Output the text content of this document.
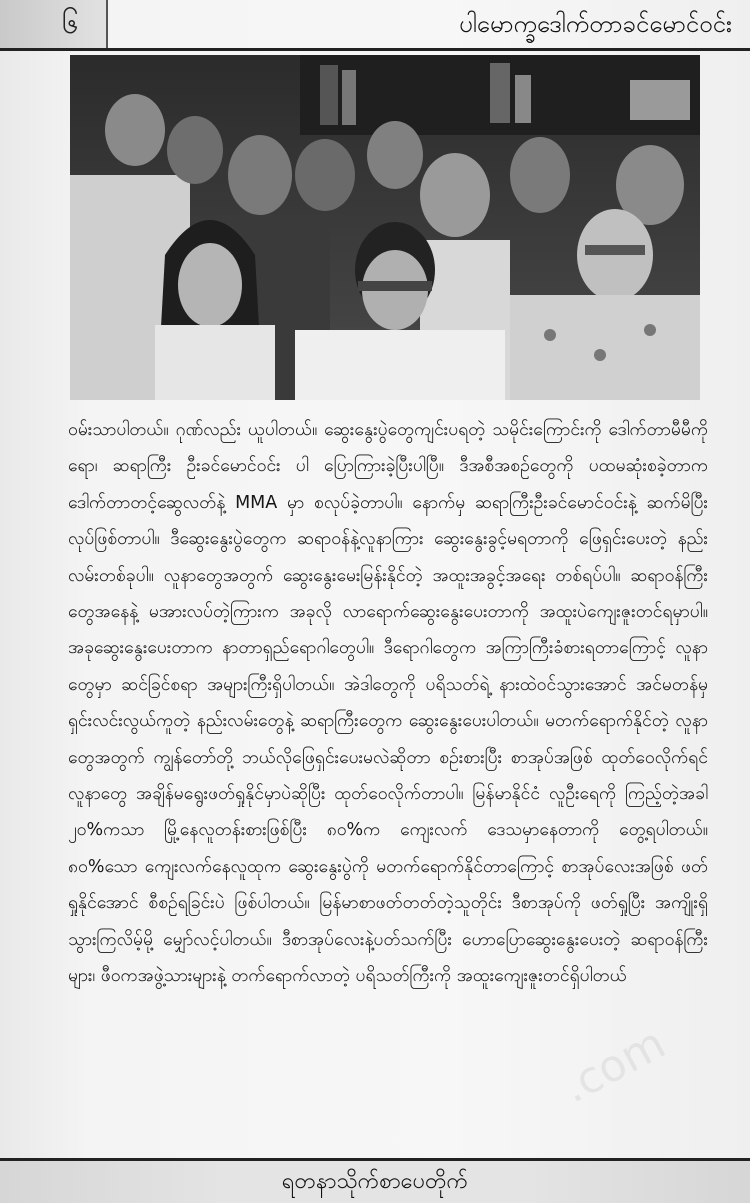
၆	ပါမောက္ခဒေါက်တာခင်မောင်ဝင်း

ဝမ်းသာပါတယ်။ ဂုဏ်လည်း ယူပါတယ်။ ဆွေးနွေးပွဲတွေကျင်းပရတဲ့ သမိုင်းကြောင်းကို ဒေါက်တာမီမီကိုရော၊ ဆရာကြီး ဦးခင်မောင်ဝင်း ပါ ပြောကြားခဲ့ပြီးပါပြီ။ ဒီအစီအစဉ်တွေကို ပထမဆုံးစခဲ့တာက ဒေါက်တာတင့်ဆွေလတ်နဲ့ MMA မှာ စလုပ်ခဲ့တာပါ။ နောက်မှ ဆရာကြီးဦးခင်မောင်ဝင်းနဲ့ ဆက်မိပြီး လုပ်ဖြစ်တာပါ။ ဒီဆွေးနွေးပွဲတွေက ဆရာဝန်နဲ့လူနာကြား ဆွေးနွေးခွင့်မရတာကို ဖြေရှင်းပေးတဲ့ နည်းလမ်းတစ်ခုပါ။ လူနာတွေအတွက် ဆွေးနွေးမေးမြန်းနိုင်တဲ့ အထူးအခွင့်အရေး တစ်ရပ်ပါ။ ဆရာဝန်ကြီးတွေအနေနဲ့ မအားလပ်တဲ့ကြားက အခုလို လာရောက်ဆွေးနွေးပေးတာကို အထူးပဲကျေးဇူးတင်ရမှာပါ။ အခုဆွေးနွေးပေးတာက နာတာရှည်ရောဂါတွေပါ။ ဒီရောဂါတွေက အကြာကြီးခံစားရတာကြောင့် လူနာတွေမှာ ဆင်ခြင်စရာ အများကြီးရှိပါတယ်။ အဲဒါတွေကို ပရိသတ်ရဲ့ နားထဲဝင်သွားအောင် အင်မတန်မှ ရှင်းလင်းလွယ်ကူတဲ့ နည်းလမ်းတွေနဲ့ ဆရာကြီးတွေက ဆွေးနွေးပေးပါတယ်။ မတက်ရောက်နိုင်တဲ့ လူနာတွေအတွက် ကျွန်တော်တို့ ဘယ်လိုဖြေရှင်းပေးမလဲဆိုတာ စဉ်းစားပြီး စာအုပ်အဖြစ် ထုတ်ဝေလိုက်ရင် လူနာတွေ အချိန်မရွေးဖတ်ရှုနိုင်မှာပဲဆိုပြီး ထုတ်ဝေလိုက်တာပါ။ မြန်မာနိုင်ငံ လူဦးရေကို ကြည့်တဲ့အခါ ၂၀%ကသာ မြို့နေလူတန်းစားဖြစ်ပြီး ၈၀%က ကျေးလက် ဒေသမှာနေတာကို တွေ့ရပါတယ်။ ၈၀%သော ကျေးလက်နေလူထုက ဆွေးနွေးပွဲကို မတက်ရောက်နိုင်တာကြောင့် စာအုပ်လေးအဖြစ် ဖတ်ရှုနိုင်အောင် စီစဉ်ရခြင်းပဲ ဖြစ်ပါတယ်။ မြန်မာစာဖတ်တတ်တဲ့သူတိုင်း ဒီစာအုပ်ကို ဖတ်ရှုပြီး အကျိုးရှိသွားကြလိမ့်မို့ မျှော်လင့်ပါတယ်။ ဒီစာအုပ်လေးနဲ့ပတ်သက်ပြီး ဟောပြောဆွေးနွေးပေးတဲ့ ဆရာဝန်ကြီးများ၊ ဖီဝကအဖွဲ့သားများနဲ့ တက်ရောက်လာတဲ့ ပရိသတ်ကြီးကို အထူးကျေးဇူးတင်ရှိပါတယ်

.com
ရတနာသိုက်စာပေတိုက်
